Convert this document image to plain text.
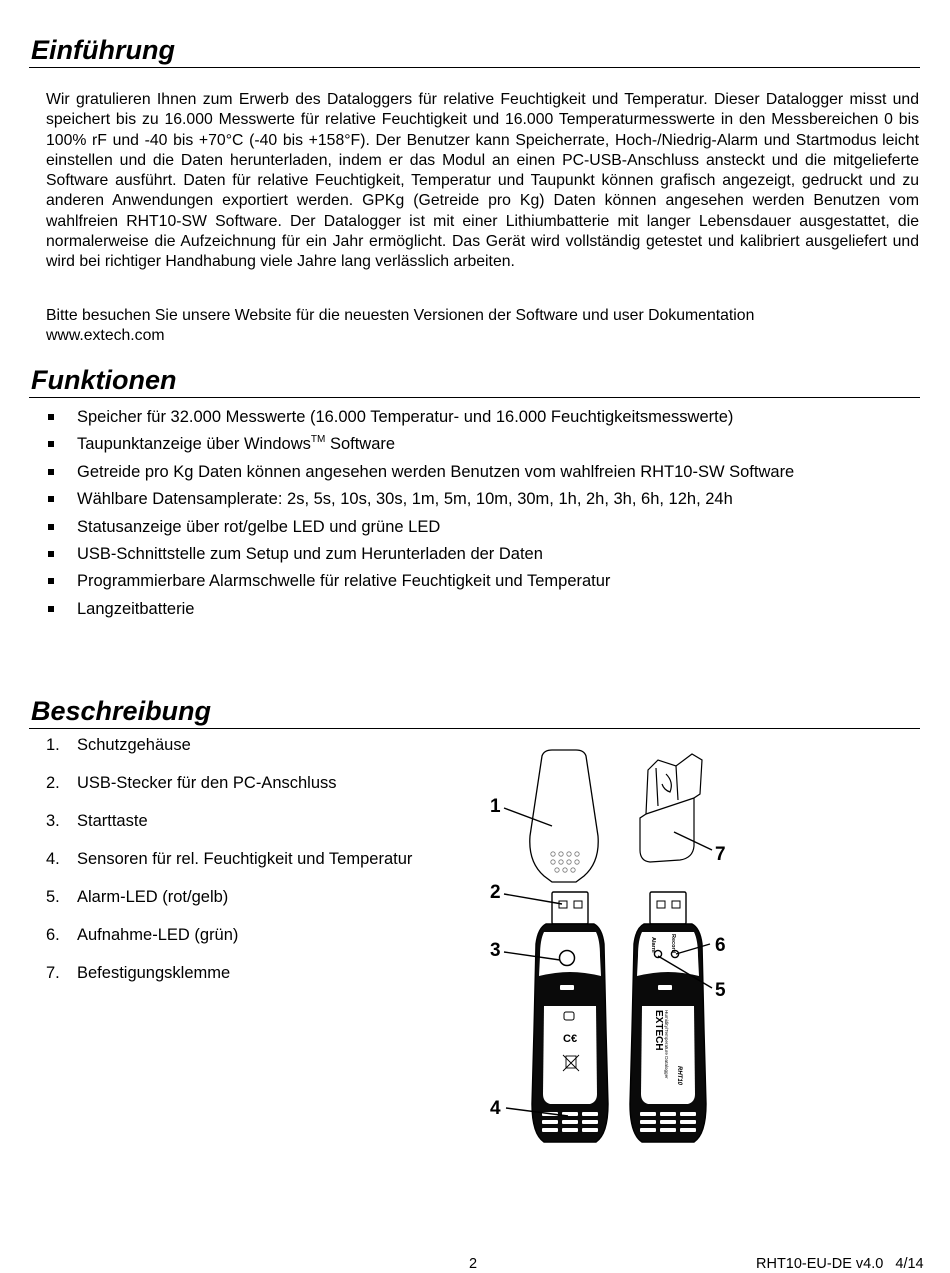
Einführung

Wir gratulieren Ihnen zum Erwerb des Dataloggers für relative Feuchtigkeit und Temperatur. Dieser Datalogger misst und speichert bis zu 16.000 Messwerte für relative Feuchtigkeit und 16.000 Temperaturmesswerte in den Messbereichen 0 bis 100% rF und -40 bis +70°C (-40 bis +158°F). Der Benutzer kann Speicherrate, Hoch-/Niedrig-Alarm und Startmodus leicht einstellen und die Daten herunterladen, indem er das Modul an einen PC-USB-Anschluss ansteckt und die mitgelieferte Software ausführt. Daten für relative Feuchtigkeit, Temperatur und Taupunkt können grafisch angezeigt, gedruckt und zu anderen Anwendungen exportiert werden. GPKg (Getreide pro Kg) Daten können angesehen werden Benutzen vom wahlfreien RHT10-SW Software. Der Datalogger ist mit einer Lithiumbatterie mit langer Lebensdauer ausgestattet, die normalerweise die Aufzeichnung für ein Jahr ermöglicht. Das Gerät wird vollständig getestet und kalibriert ausgeliefert und wird bei richtiger Handhabung viele Jahre lang verlässlich arbeiten.

Bitte besuchen Sie unsere Website für die neuesten Versionen der Software und user Dokumentation
www.extech.com

Funktionen
Speicher für 32.000 Messwerte (16.000 Temperatur- und 16.000 Feuchtigkeitsmesswerte)
Taupunktanzeige über Windows™ Software
Getreide pro Kg Daten können angesehen werden Benutzen vom wahlfreien RHT10-SW Software
Wählbare Datensamplerate: 2s, 5s, 10s, 30s, 1m, 5m, 10m, 30m, 1h, 2h, 3h, 6h, 12h, 24h
Statusanzeige über rot/gelbe LED und grüne LED
USB-Schnittstelle zum Setup und zum Herunterladen der Daten
Programmierbare Alarmschwelle für relative Feuchtigkeit und Temperatur
Langzeitbatterie
Beschreibung
1. Schutzgehäuse
2. USB-Stecker für den PC-Anschluss
3. Starttaste
4. Sensoren für rel. Feuchtigkeit und Temperatur
5. Alarm-LED (rot/gelb)
6. Aufnahme-LED (grün)
7. Befestigungsklemme
C€
Alarm	Record
EXTECH Humidity/Temperature Datalogger RHT10
1
2
3
4
5
6
7
2	RHT10-EU-DE v4.0   4/14
